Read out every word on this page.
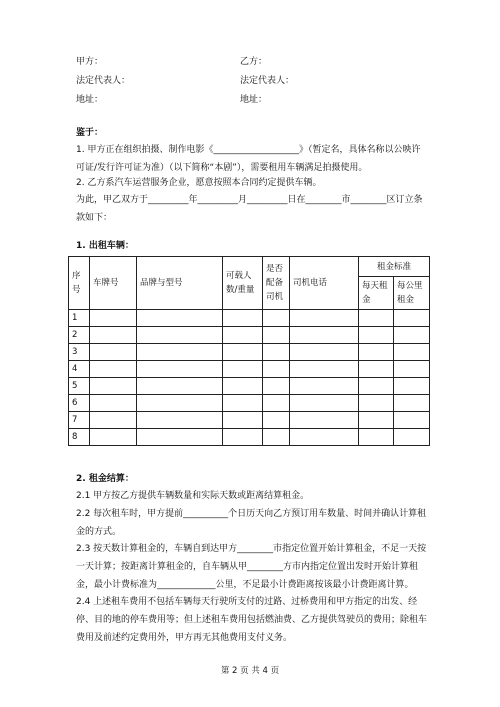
甲方：	乙方：
法定代表人：	法定代表人：
地址：	地址：
鉴于：
1. 甲方正在组织拍摄、制作电影《___________________》（暂定名，具体名称以公映许可证/发行许可证为准）（以下简称“本剧”），需要租用车辆满足拍摄使用。
2. 乙方系汽车运营服务企业，愿意按照本合同约定提供车辆。
为此，甲乙双方于_________年_________月_________日在________市________区订立条款如下：
1. 出租车辆：
序号	车牌号	品牌与型号	可载人数/重量	是否配备司机	司机电话	租金标准	
						每天租金	每公里租金
1							
2							
3							
4							
5							
6							
7							
8							
2. 租金结算：
2.1 甲方按乙方提供车辆数量和实际天数或距离结算租金。
2.2 每次租车时，甲方提前__________个日历天向乙方预订用车数量、时间并确认计算租金的方式。
2.3 按天数计算租金的，车辆自到达甲方________市指定位置开始计算租金，不足一天按一天计算；按距离计算租金的，自车辆从甲________方市内指定位置出发时开始计算租金，最小计费标准为_____________公里，不足最小计费距离按该最小计费距离计算。
2.4 上述租车费用不包括车辆每天行驶所支付的过路、过桥费用和甲方指定的出发、经停、目的地的停车费用等；但上述租车费用包括燃油费、乙方提供驾驶员的费用；除租车费用及前述约定费用外，甲方再无其他费用支付义务。
第 2 页 共 4 页
